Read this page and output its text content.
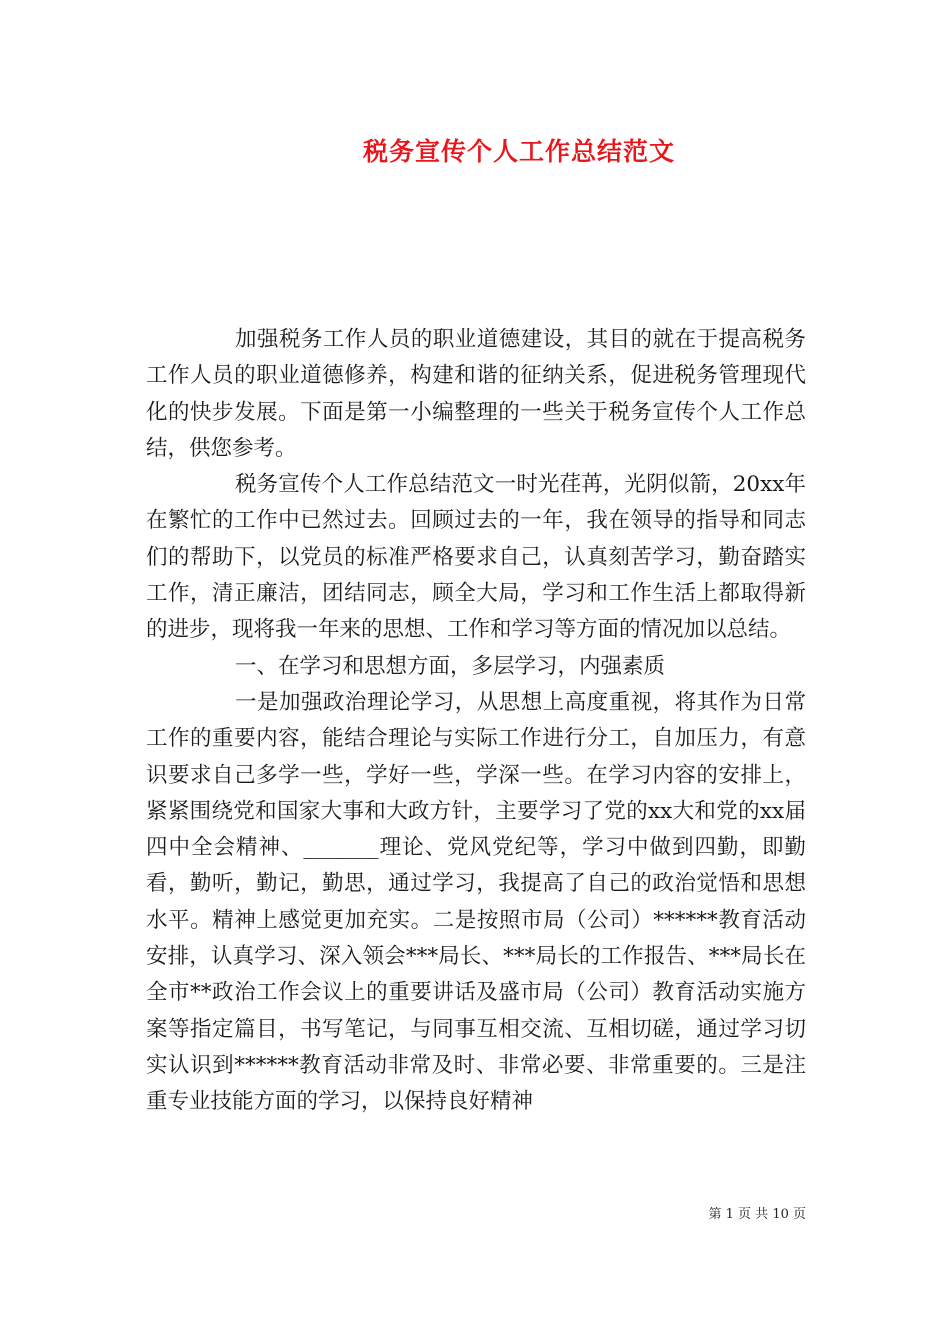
税务宣传个人工作总结范文

加强税务工作人员的职业道德建设，其目的就在于提高税务工作人员的职业道德修养，构建和谐的征纳关系，促进税务管理现代化的快步发展。下面是第一小编整理的一些关于税务宣传个人工作总结，供您参考。

税务宣传个人工作总结范文一时光荏苒，光阴似箭，20xx年在繁忙的工作中已然过去。回顾过去的一年，我在领导的指导和同志们的帮助下，以党员的标准严格要求自己，认真刻苦学习，勤奋踏实工作，清正廉洁，团结同志，顾全大局，学习和工作生活上都取得新的进步，现将我一年来的思想、工作和学习等方面的情况加以总结。

一、在学习和思想方面，多层学习，内强素质

一是加强政治理论学习，从思想上高度重视，将其作为日常工作的重要内容，能结合理论与实际工作进行分工，自加压力，有意识要求自己多学一些，学好一些，学深一些。在学习内容的安排上，紧紧围绕党和国家大事和大政方针，主要学习了党的xx大和党的xx届四中全会精神、_______理论、党风党纪等，学习中做到四勤，即勤看，勤听，勤记，勤思，通过学习，我提高了自己的政治觉悟和思想水平。精神上感觉更加充实。二是按照市局（公司）******教育活动安排，认真学习、深入领会***局长、***局长的工作报告、***局长在全市**政治工作会议上的重要讲话及盛市局（公司）教育活动实施方案等指定篇目，书写笔记，与同事互相交流、互相切磋，通过学习切实认识到******教育活动非常及时、非常必要、非常重要的。三是注重专业技能方面的学习，以保持良好精神

第 1 页 共 10 页
